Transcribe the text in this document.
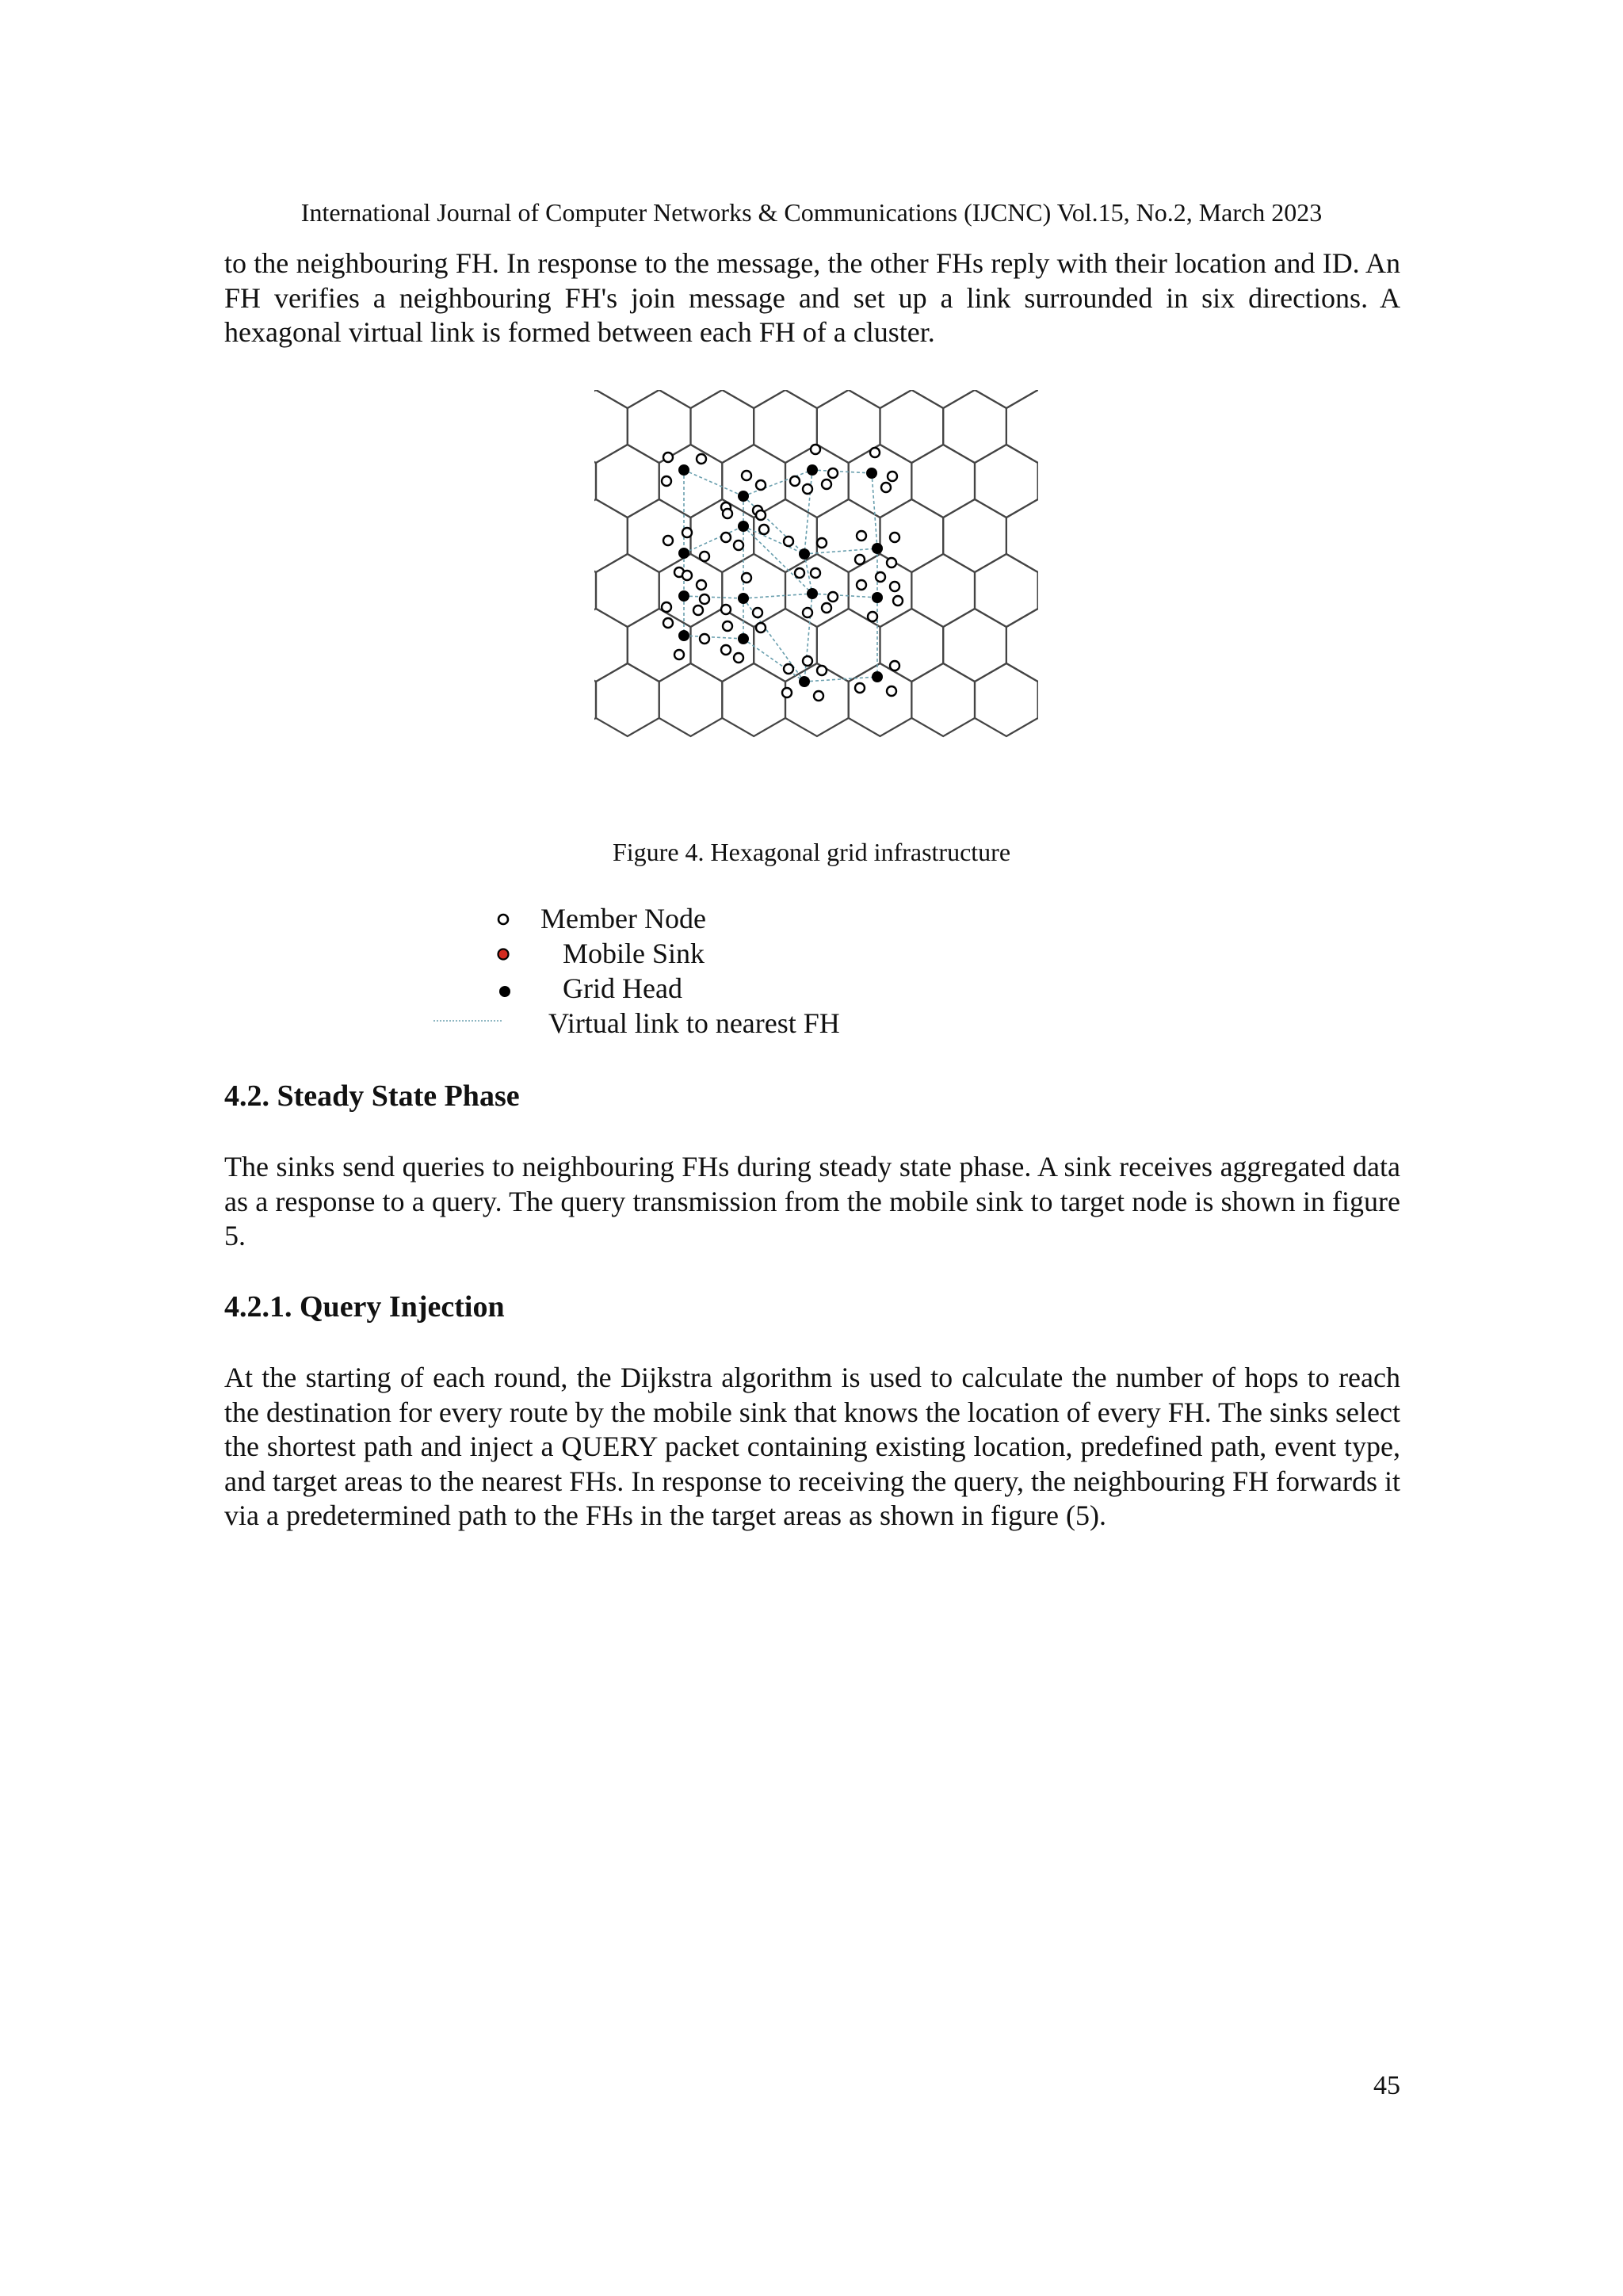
International Journal of Computer Networks & Communications (IJCNC) Vol.15, No.2, March 2023

to the neighbouring FH. In response to the message, the other FHs reply with their location and ID. An FH verifies a neighbouring FH's join message and set up a link surrounded in six directions. A hexagonal virtual link is formed between each FH of a cluster.

Figure 4. Hexagonal grid infrastructure
Member Node
Mobile Sink
Grid Head
Virtual link to nearest FH
4.2. Steady State Phase

The sinks send queries to neighbouring FHs during steady state phase. A sink receives aggregated data as a response to a query. The query transmission from the mobile sink to target node is shown in figure 5.

4.2.1. Query Injection

At the starting of each round, the Dijkstra algorithm is used to calculate the number of hops to reach the destination for every route by the mobile sink that knows the location of every FH. The sinks select the shortest path and inject a QUERY packet containing existing location, predefined path, event type, and target areas to the nearest FHs. In response to receiving the query, the neighbouring FH forwards it via a predetermined path to the FHs in the target areas as shown in figure (5).

45
